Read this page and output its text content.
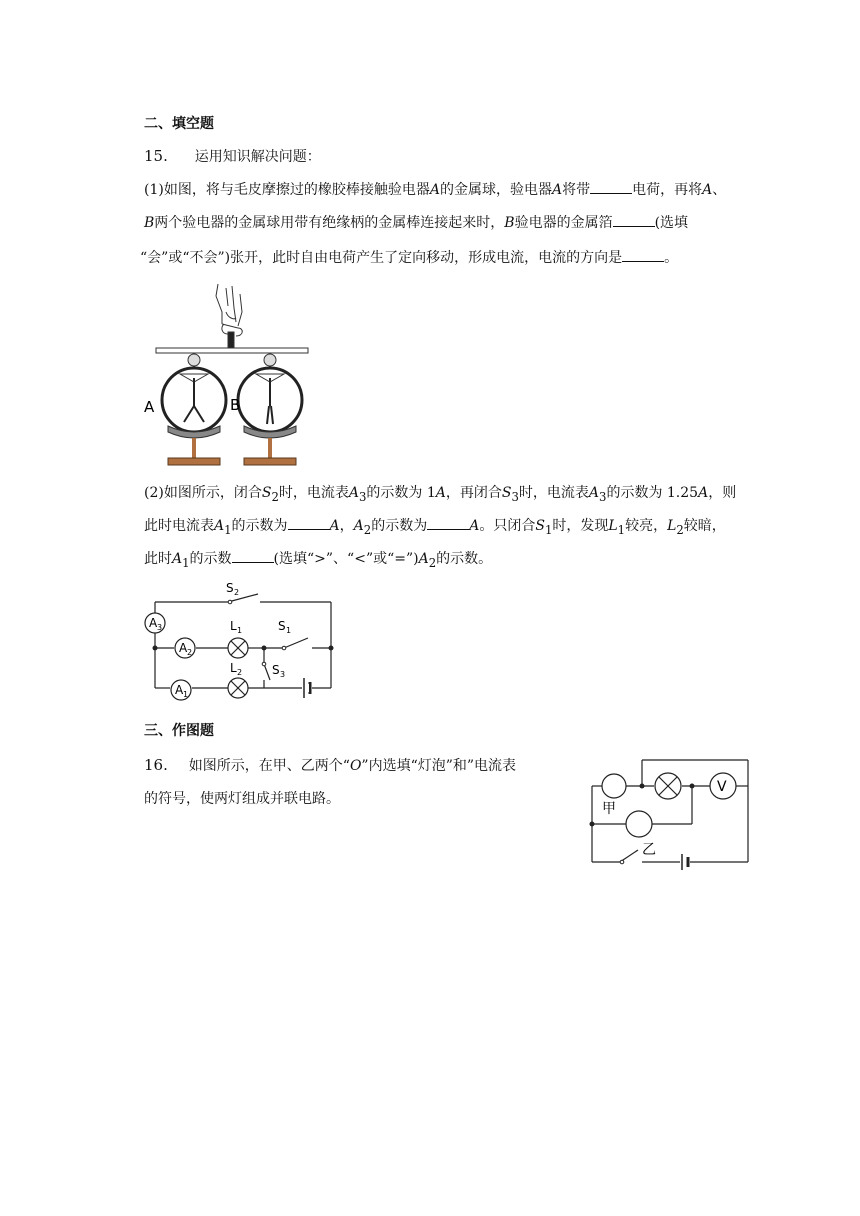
二、填空题
15. 运用知识解决问题：
(1)如图，将与毛皮摩擦过的橡胶棒接触验电器A的金属球，验电器A将带	电荷，再将A、
B两个验电器的金属球用带有绝缘柄的金属棒连接起来时，B验电器的金属箔	(选填
“会”或“不会”)张开，此时自由电荷产生了定向移动，形成电流，电流的方向是	。
A	B
(2)如图所示，闭合$S_2$时，电流表$A_3$的示数为 1A，再闭合$S_3$时，电流表$A_3$的示数为 1.25A，则
此时电流表$A_1$的示数为	A，$A_2$的示数为	A。只闭合$S_1$时，发现$L_1$较亮，$L_2$较暗，
此时$A_1$的示数	(选填“>”、“<”或“$=”)A_2$的示数。
A 3
A 2
A 1
S 2
L 1	S 1
L 2 S 3
三、作图题
16. 如图所示，在甲、乙两个“O”内选填“灯泡”和”电流表
的符号，使两灯组成并联电路。
V
甲
乙
